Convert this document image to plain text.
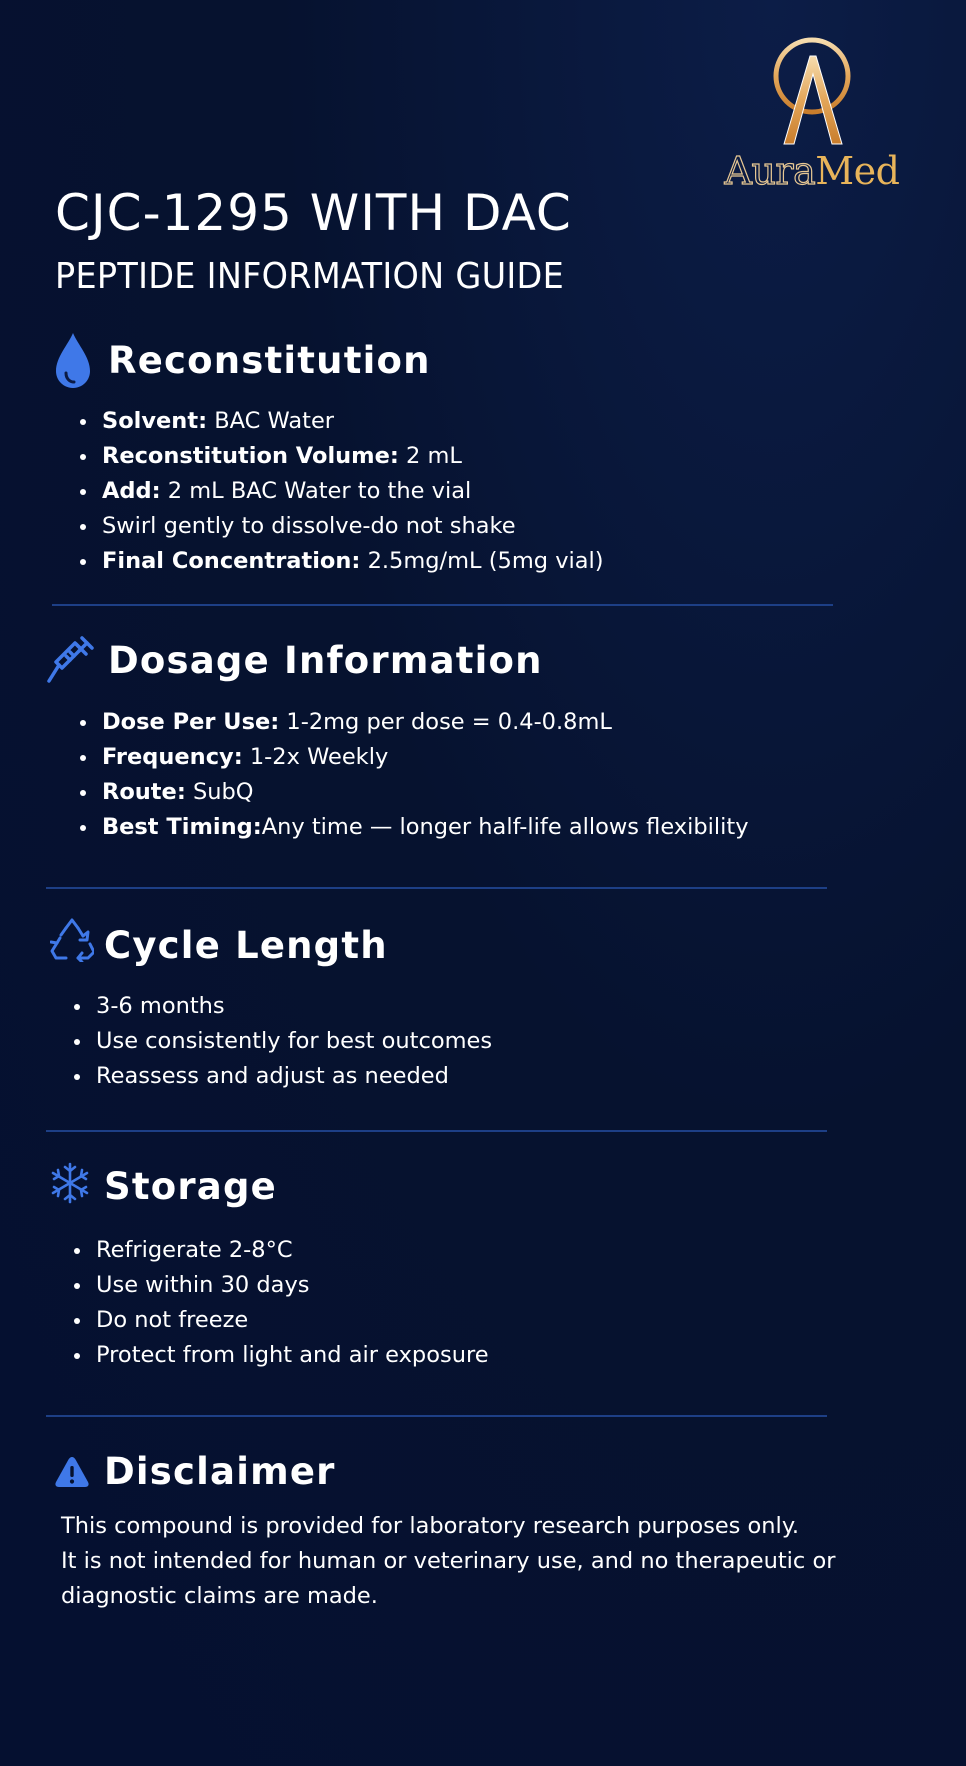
AuraMed
CJC-1295 WITH DAC
PEPTIDE INFORMATION GUIDE
Reconstitution
Solvent: BAC Water
Reconstitution Volume: 2 mL
Add: 2 mL BAC Water to the vial
Swirl gently to dissolve-do not shake
Final Concentration: 2.5mg/mL (5mg vial)
Dosage Information
Dose Per Use: 1-2mg per dose = 0.4-0.8mL
Frequency: 1-2x Weekly
Route: SubQ
Best Timing:Any time — longer half-life allows flexibility
Cycle Length
3-6 months
Use consistently for best outcomes
Reassess and adjust as needed
Storage
Refrigerate 2-8°C
Use within 30 days
Do not freeze
Protect from light and air exposure
Disclaimer
This compound is provided for laboratory research purposes only.
It is not intended for human or veterinary use, and no therapeutic or
diagnostic claims are made.
